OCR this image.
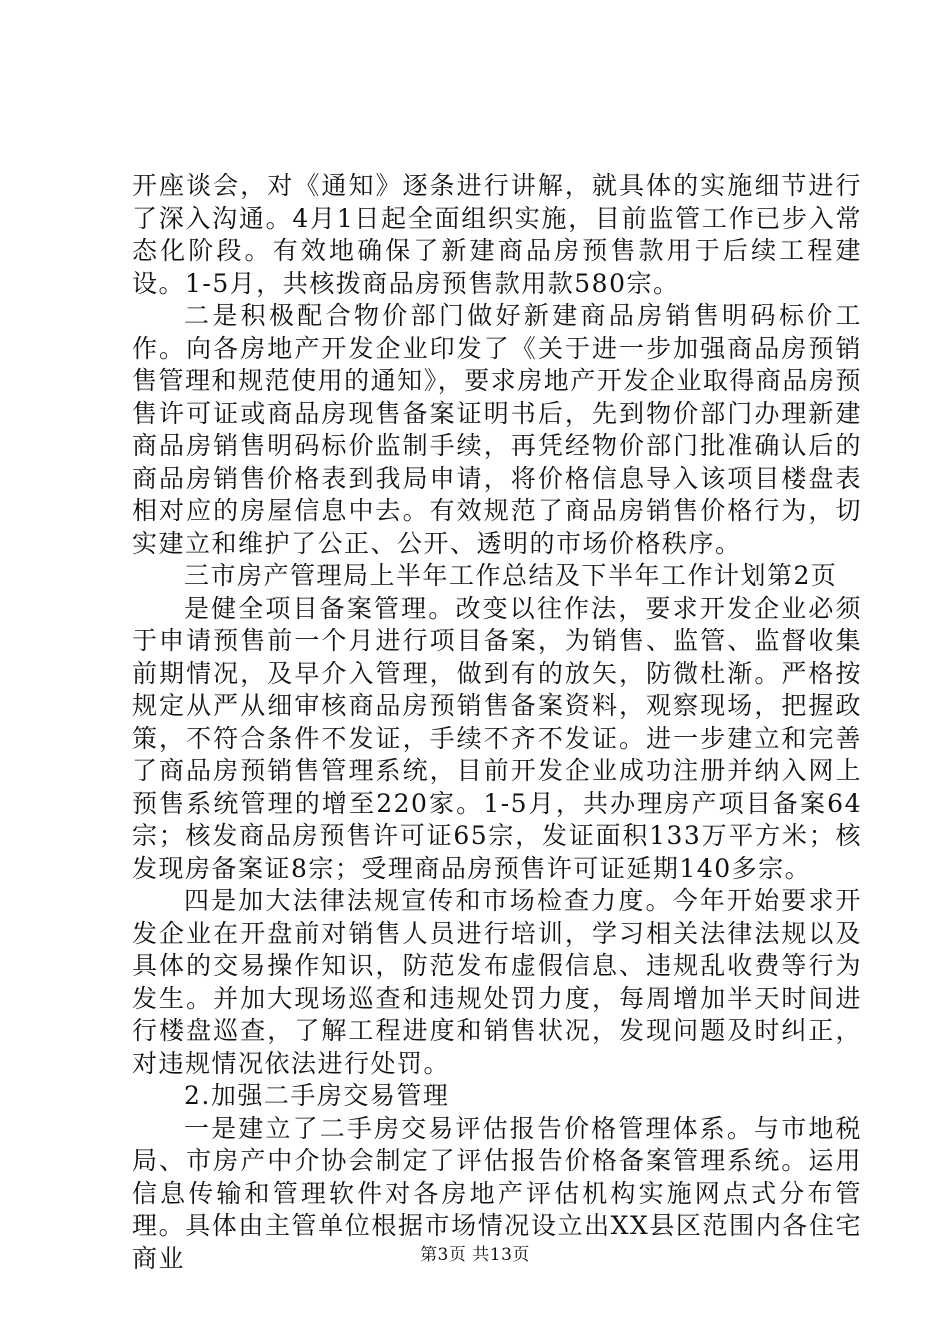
开座谈会，对《通知》逐条进行讲解，就具体的实施细节进行了深入沟通。4月1日起全面组织实施，目前监管工作已步入常态化阶段。有效地确保了新建商品房预售款用于后续工程建设。1-5月，共核拨商品房预售款用款580宗。

二是积极配合物价部门做好新建商品房销售明码标价工作。向各房地产开发企业印发了《关于进一步加强商品房预销售管理和规范使用的通知》，要求房地产开发企业取得商品房预售许可证或商品房现售备案证明书后，先到物价部门办理新建商品房销售明码标价监制手续，再凭经物价部门批准确认后的商品房销售价格表到我局申请，将价格信息导入该项目楼盘表相对应的房屋信息中去。有效规范了商品房销售价格行为，切实建立和维护了公正、公开、透明的市场价格秩序。

三市房产管理局上半年工作总结及下半年工作计划第2页

是健全项目备案管理。改变以往作法，要求开发企业必须于申请预售前一个月进行项目备案，为销售、监管、监督收集前期情况，及早介入管理，做到有的放矢，防微杜渐。严格按规定从严从细审核商品房预销售备案资料，观察现场，把握政策，不符合条件不发证，手续不齐不发证。进一步建立和完善了商品房预销售管理系统，目前开发企业成功注册并纳入网上预售系统管理的增至220家。1-5月，共办理房产项目备案64宗；核发商品房预售许可证65宗，发证面积133万平方米；核发现房备案证8宗；受理商品房预售许可证延期140多宗。

四是加大法律法规宣传和市场检查力度。今年开始要求开发企业在开盘前对销售人员进行培训，学习相关法律法规以及具体的交易操作知识，防范发布虚假信息、违规乱收费等行为发生。并加大现场巡查和违规处罚力度，每周增加半天时间进行楼盘巡查，了解工程进度和销售状况，发现问题及时纠正，对违规情况依法进行处罚。

2.加强二手房交易管理

一是建立了二手房交易评估报告价格管理体系。与市地税局、市房产中介协会制定了评估报告价格备案管理系统。运用信息传输和管理软件对各房地产评估机构实施网点式分布管理。具体由主管单位根据市场情况设立出XX县区范围内各住宅商业	第3页 共13页
